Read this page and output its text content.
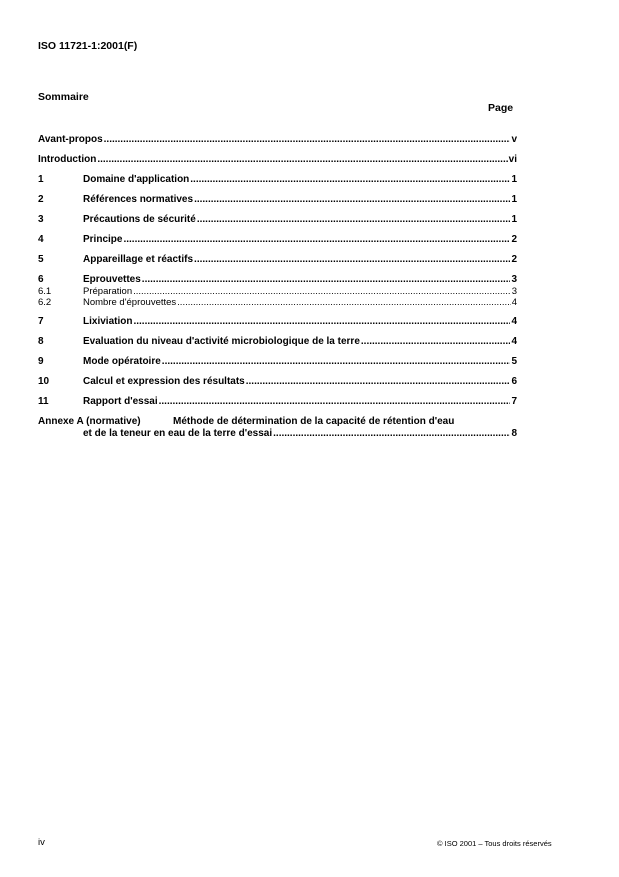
ISO 11721-1:2001(F)
Sommaire
Page
Avant-propos .....	v
Introduction .....	vi
1	Domaine d'application .....	1
2	Références normatives .....	1
3	Précautions de sécurité .....	1
4	Principe .....	2
5	Appareillage et réactifs .....	2
6	Eprouvettes .....	3
6.1	Préparation .....	3
6.2	Nombre d'éprouvettes .....	4
7	Lixiviation .....	4
8	Evaluation du niveau d'activité microbiologique de la terre .....	4
9	Mode opératoire .....	5
10	Calcul et expression des résultats .....	6
11	Rapport d'essai .....	7
Annexe A (normative)	Méthode de détermination de la capacité de rétention d'eau
et de la teneur en eau de la terre d'essai .....	8
iv	© ISO 2001 – Tous droits réservés
